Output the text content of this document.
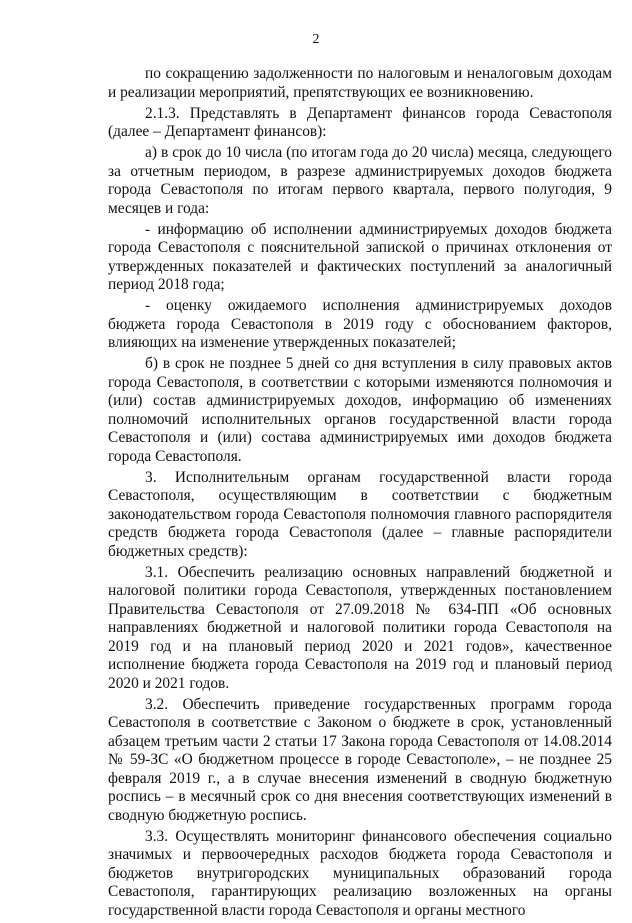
2

по сокращению задолженности по налоговым и неналоговым доходам и реализации мероприятий, препятствующих ее возникновению.

2.1.3. Представлять в Департамент финансов города Севастополя (далее – Департамент финансов):

а) в срок до 10 числа (по итогам года до 20 числа) месяца, следующего за отчетным периодом, в разрезе администрируемых доходов бюджета города Севастополя по итогам первого квартала, первого полугодия, 9 месяцев и года:

- информацию об исполнении администрируемых доходов бюджета города Севастополя с пояснительной запиской о причинах отклонения от утвержденных показателей и фактических поступлений за аналогичный период 2018 года;

- оценку ожидаемого исполнения администрируемых доходов бюджета города Севастополя в 2019 году с обоснованием факторов, влияющих на изменение утвержденных показателей;

б) в срок не позднее 5 дней со дня вступления в силу правовых актов города Севастополя, в соответствии с которыми изменяются полномочия и (или) состав администрируемых доходов, информацию об изменениях полномочий исполнительных органов государственной власти города Севастополя и (или) состава администрируемых ими доходов бюджета города Севастополя.

3. Исполнительным органам государственной власти города Севастополя, осуществляющим в соответствии с бюджетным законодательством города Севастополя полномочия главного распорядителя средств бюджета города Севастополя (далее – главные распорядители бюджетных средств):

3.1. Обеспечить реализацию основных направлений бюджетной и налоговой политики города Севастополя, утвержденных постановлением Правительства Севастополя от 27.09.2018 № 634-ПП «Об основных направлениях бюджетной и налоговой политики города Севастополя на 2019 год и на плановый период 2020 и 2021 годов», качественное исполнение бюджета города Севастополя на 2019 год и плановый период 2020 и 2021 годов.

3.2. Обеспечить приведение государственных программ города Севастополя в соответствие с Законом о бюджете в срок, установленный абзацем третьим части 2 статьи 17 Закона города Севастополя от 14.08.2014 № 59-ЗС «О бюджетном процессе в городе Севастополе», – не позднее 25 февраля 2019 г., а в случае внесения изменений в сводную бюджетную роспись – в месячный срок со дня внесения соответствующих изменений в сводную бюджетную роспись.

3.3. Осуществлять мониторинг финансового обеспечения социально значимых и первоочередных расходов бюджета города Севастополя и бюджетов внутригородских муниципальных образований города Севастополя, гарантирующих реализацию возложенных на органы государственной власти города Севастополя и органы местного
